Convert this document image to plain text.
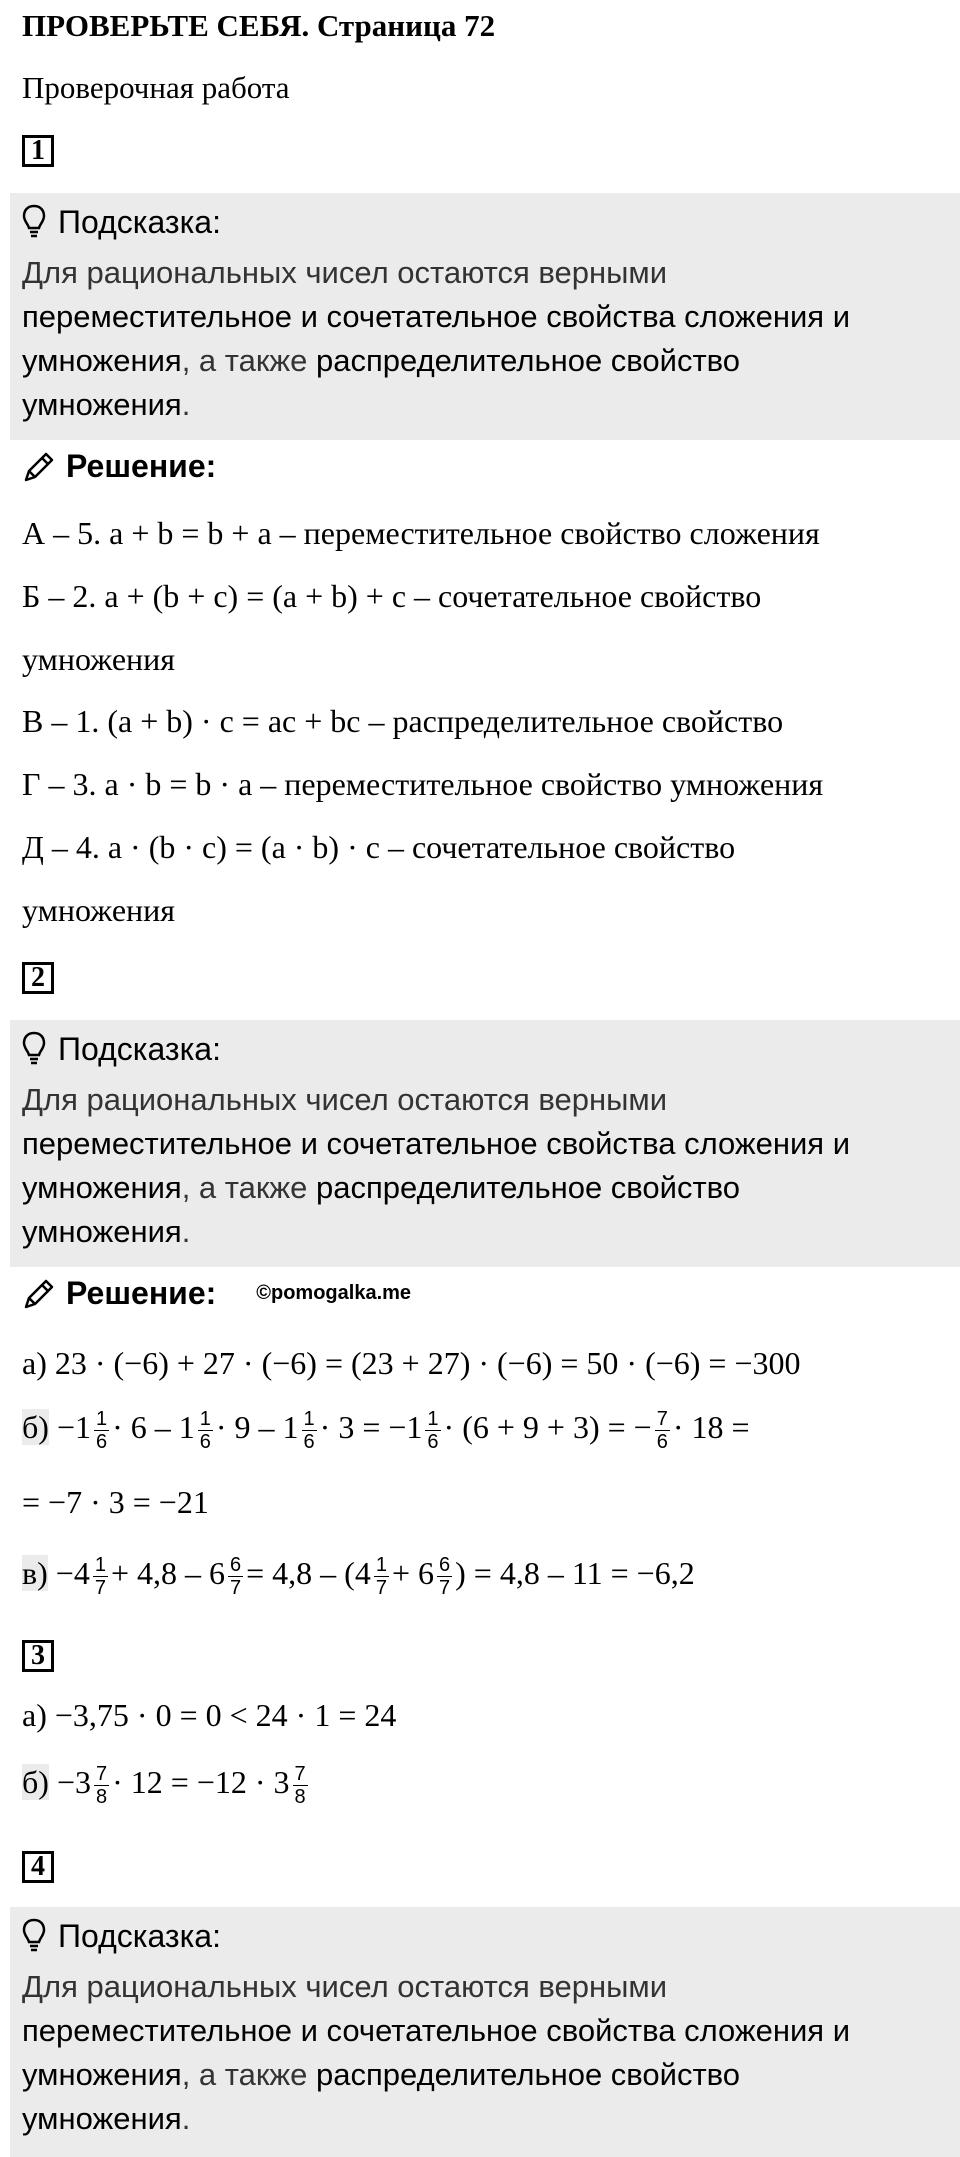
ПРОВЕРЬТЕ СЕБЯ. Страница 72
Проверочная работа
1
Подсказка:
Для рациональных чисел остаются верными
переместительное и сочетательное свойства сложения и
умножения, а также распределительное свойство
умножения.
Решение:
А – 5. a + b = b + a – переместительное свойство сложения
Б – 2. a + (b + c) = (a + b) + c – сочетательное свойство
умножения
В – 1. (a + b) · c = ac + bc – распределительное свойство
Г – 3. a · b = b · a – переместительное свойство умножения
Д – 4. a · (b · c) = (a · b) · c – сочетательное свойство
умножения
2
Подсказка:
Для рациональных чисел остаются верными
переместительное и сочетательное свойства сложения и
умножения, а также распределительное свойство
умножения.
Решение: ©pomogalka.me
а) 23 · (−6) + 27 · (−6) = (23 + 27) · (−6) = 50 · (−6) = −300
$б) -1 \frac{1}{6} \cdot 6 - 1 \frac{1}{6} \cdot 9 - 1 \frac{1}{6} \cdot 3 = -1 \frac{1}{6} \cdot (6 + 9 + 3)$ = − $\frac{7}{6} \cdot 18$ =
= −7 · 3 = −21
$в) -4 \frac{1}{7} + 4,8 - 6 \frac{6}{7} = 4,8 - (4 \frac{1}{7} + 6 \frac{6}{7}$ ) = 4,8 – 11 = −6,2
3
а) −3,75 · 0 = 0 < 24 · 1 = 24
$б) -3 \frac{7}{8} \cdot 12 = -12 \cdot 3 \frac{7}{8}$
4
Подсказка:
Для рациональных чисел остаются верными
переместительное и сочетательное свойства сложения и
умножения, а также распределительное свойство
умножения.
